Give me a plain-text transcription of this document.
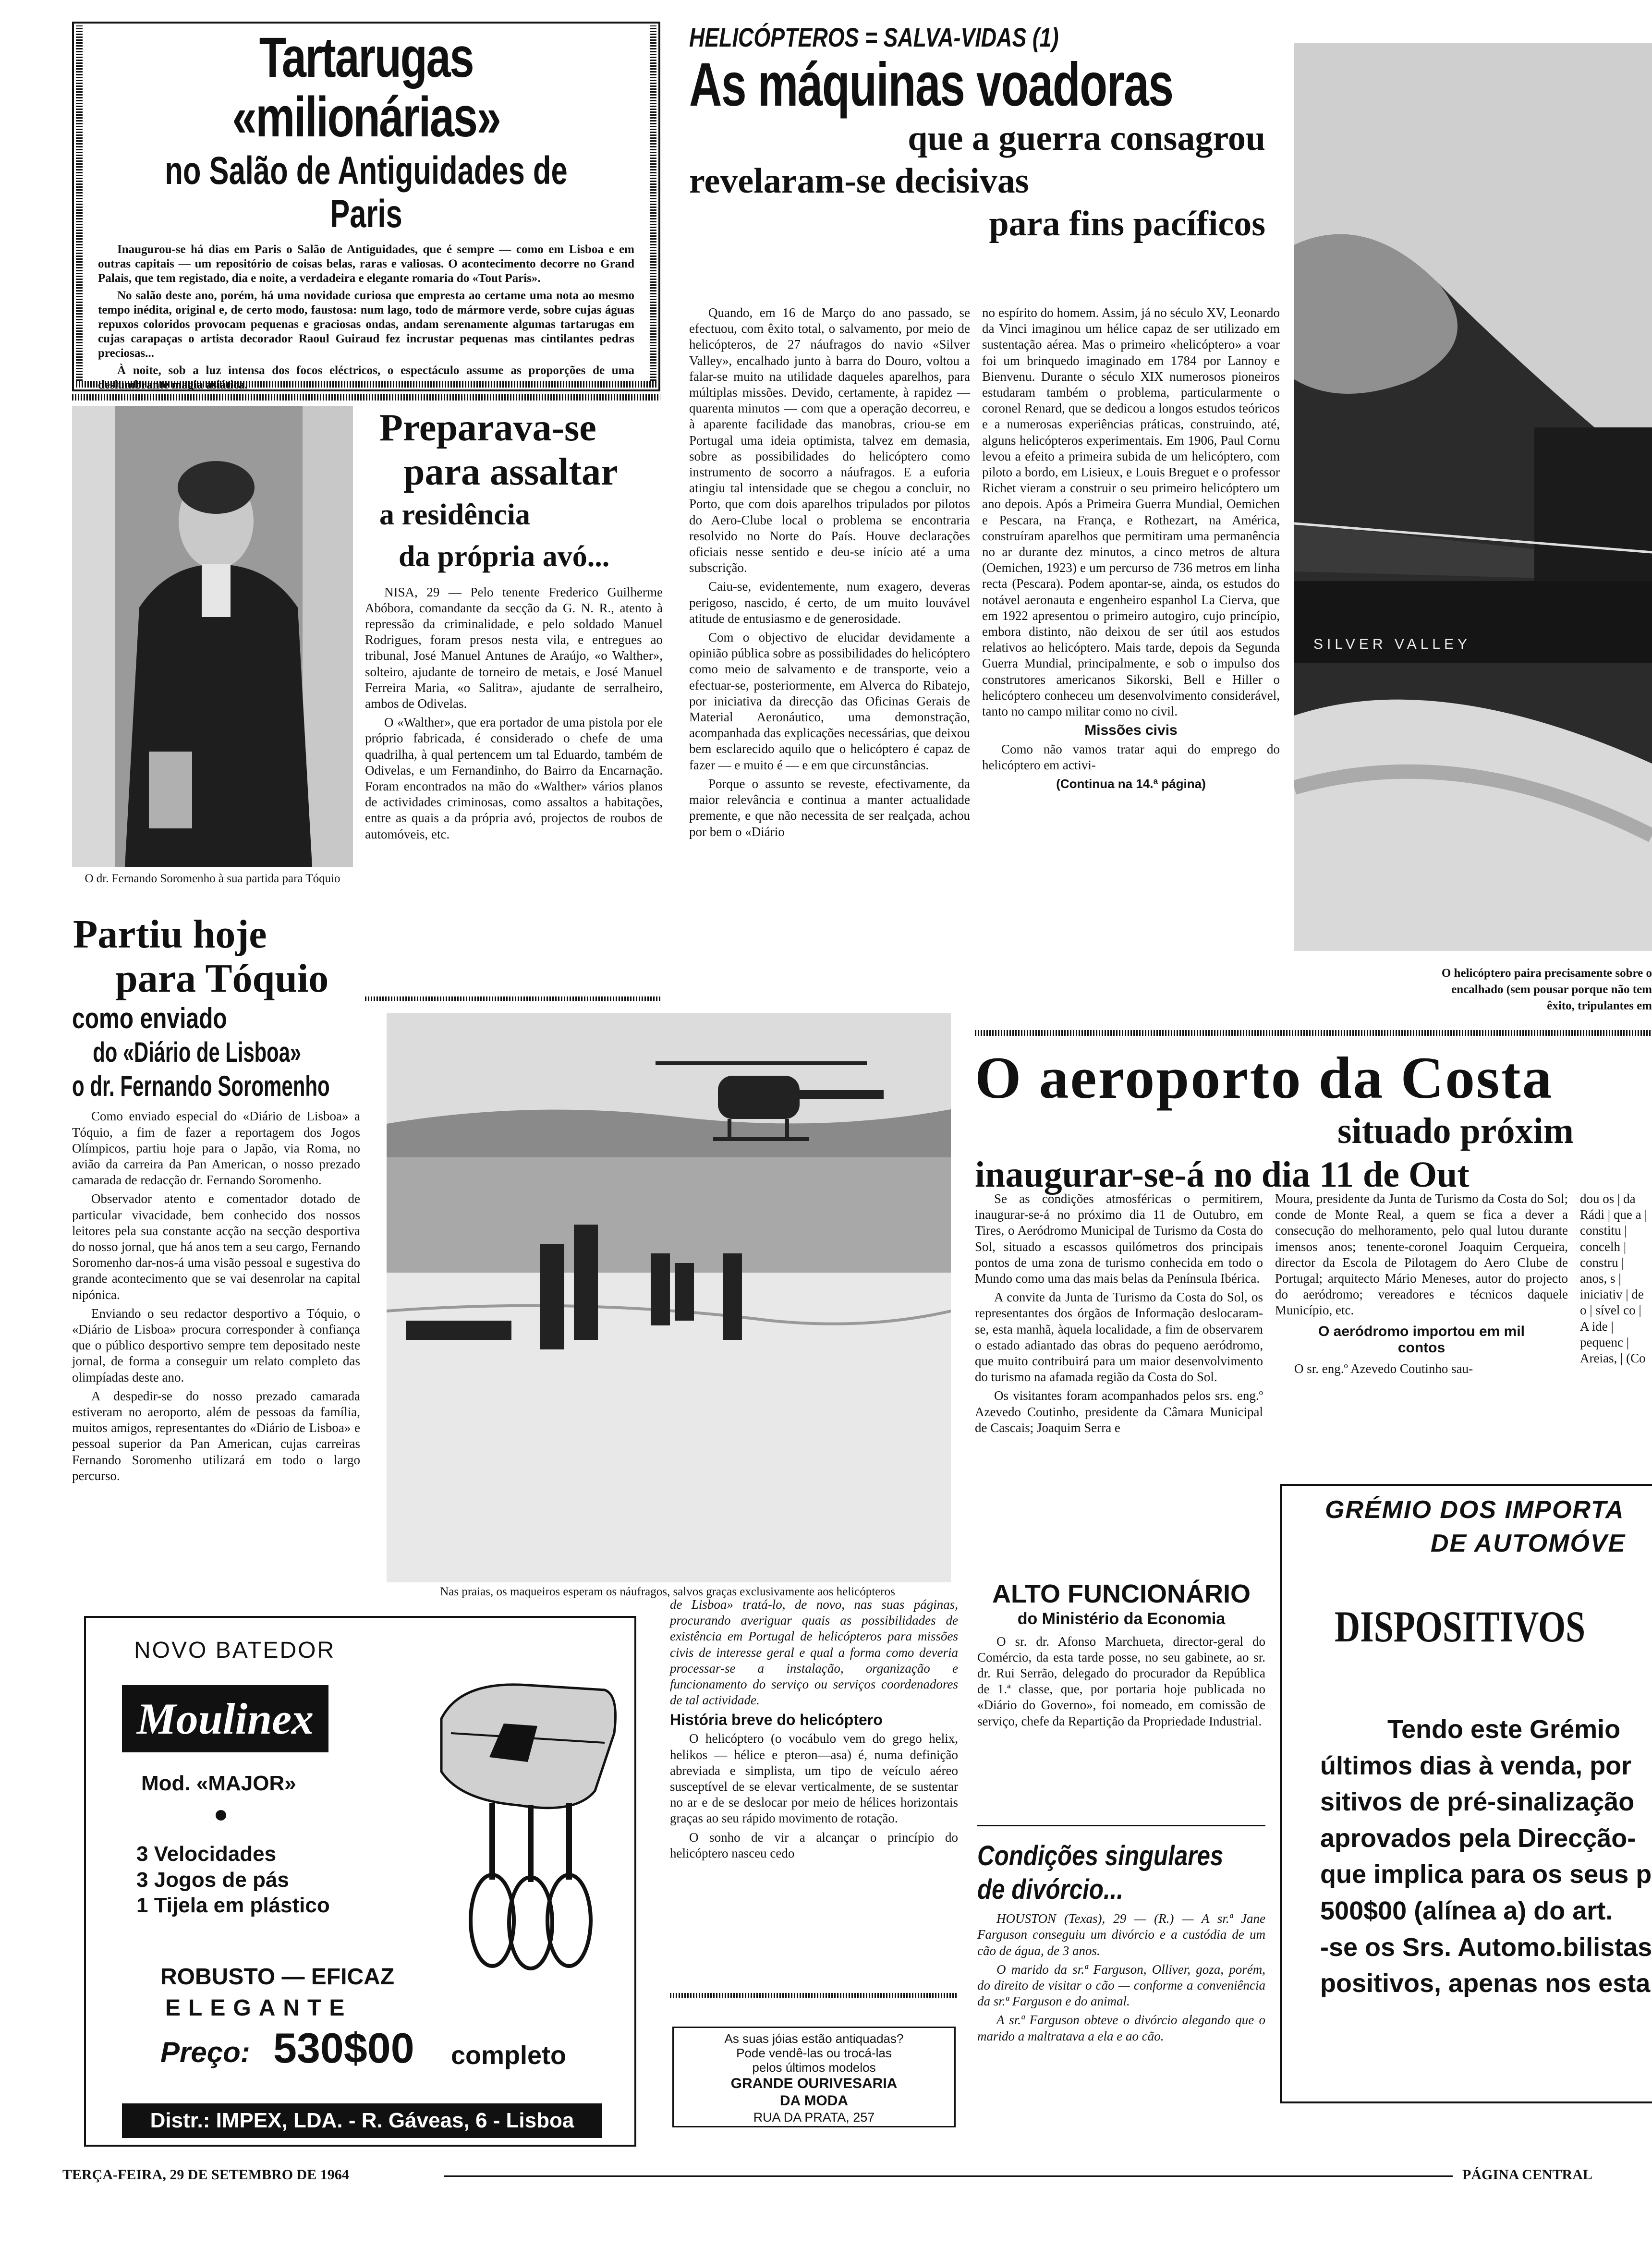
Tartarugas «milionárias»
no Salão de Antiguidades de Paris

Inaugurou-se há dias em Paris o Salão de Antiguidades, que é sempre — como em Lisboa e em outras capitais — um repositório de coisas belas, raras e valiosas. O acontecimento decorre no Grand Palais, que tem registado, dia e noite, a verdadeira e elegante romaria do «Tout Paris».

No salão deste ano, porém, há uma novidade curiosa que empresta ao certame uma nota ao mesmo tempo inédita, original e, de certo modo, faustosa: num lago, todo de mármore verde, sobre cujas águas repuxos coloridos provocam pequenas e graciosas ondas, andam serenamente algumas tartarugas em cujas carapaças o artista decorador Raoul Guiraud fez incrustar pequenas mas cintilantes pedras preciosas...

À noite, sob a luz intensa dos focos eléctricos, o espectáculo assume as proporções de uma deslumbrante magia asiática.

O dr. Fernando Soromenho à sua partida para Tóquio
Preparava-se
para assaltar
a residência
da própria avó...

NISA, 29 — Pelo tenente Frederico Guilherme Abóbora, comandante da secção da G. N. R., atento à repressão da criminalidade, e pelo soldado Manuel Rodrigues, foram presos nesta vila, e entregues ao tribunal, José Manuel Antunes de Araújo, «o Walther», solteiro, ajudante de torneiro de metais, e José Manuel Ferreira Maria, «o Salitra», ajudante de serralheiro, ambos de Odivelas.

O «Walther», que era portador de uma pistola por ele próprio fabricada, é considerado o chefe de uma quadrilha, à qual pertencem um tal Eduardo, também de Odivelas, e um Fernandinho, do Bairro da Encarnação. Foram encontrados na mão do «Walther» vários planos de actividades criminosas, como assaltos a habitações, entre as quais a da própria avó, projectos de roubos de automóveis, etc.

Partiu hoje
para Tóquio
como enviado
do «Diário de Lisboa»
o dr. Fernando Soromenho

Como enviado especial do «Diário de Lisboa» a Tóquio, a fim de fazer a reportagem dos Jogos Olímpicos, partiu hoje para o Japão, via Roma, no avião da carreira da Pan American, o nosso prezado camarada de redacção dr. Fernando Soromenho.

Observador atento e comentador dotado de particular vivacidade, bem conhecido dos nossos leitores pela sua constante acção na secção desportiva do nosso jornal, que há anos tem a seu cargo, Fernando Soromenho dar-nos-á uma visão pessoal e sugestiva do grande acontecimento que se vai desenrolar na capital nipónica.

Enviando o seu redactor desportivo a Tóquio, o «Diário de Lisboa» procura corresponder à confiança que o público desportivo sempre tem depositado neste jornal, de forma a conseguir um relato completo das olimpíadas deste ano.

A despedir-se do nosso prezado camarada estiveram no aeroporto, além de pessoas da família, muitos amigos, representantes do «Diário de Lisboa» e pessoal superior da Pan American, cujas carreiras Fernando Soromenho utilizará em todo o largo percurso.

Nas praias, os maqueiros esperam os náufragos, salvos graças exclusivamente aos helicópteros
HELICÓPTEROS = SALVA-VIDAS (1)
As máquinas voadoras
que a guerra consagrou
revelaram-se decisivas
para fins pacíficos

Quando, em 16 de Março do ano passado, se efectuou, com êxito total, o salvamento, por meio de helicópteros, de 27 náufragos do navio «Silver Valley», encalhado junto à barra do Douro, voltou a falar-se muito na utilidade daqueles aparelhos, para múltiplas missões. Devido, certamente, à rapidez — quarenta minutos — com que a operação decorreu, e à aparente facilidade das manobras, criou-se em Portugal uma ideia optimista, talvez em demasia, sobre as possibilidades do helicóptero como instrumento de socorro a náufragos. E a euforia atingiu tal intensidade que se chegou a concluir, no Porto, que com dois aparelhos tripulados por pilotos do Aero-Clube local o problema se encontraria resolvido no Norte do País. Houve declarações oficiais nesse sentido e deu-se início até a uma subscrição.

Caiu-se, evidentemente, num exagero, deveras perigoso, nascido, é certo, de um muito louvável atitude de entusiasmo e de generosidade.

Com o objectivo de elucidar devidamente a opinião pública sobre as possibilidades do helicóptero como meio de salvamento e de transporte, veio a efectuar-se, posteriormente, em Alverca do Ribatejo, por iniciativa da direcção das Oficinas Gerais de Material Aeronáutico, uma demonstração, acompanhada das explicações necessárias, que deixou bem esclarecido aquilo que o helicóptero é capaz de fazer — e muito é — e em que circunstâncias.

Porque o assunto se reveste, efectivamente, da maior relevância e continua a manter actualidade premente, e que não necessita de ser realçada, achou por bem o «Diário

no espírito do homem. Assim, já no século XV, Leonardo da Vinci imaginou um hélice capaz de ser utilizado em sustentação aérea. Mas o primeiro «helicóptero» a voar foi um brinquedo imaginado em 1784 por Lannoy e Bienvenu. Durante o século XIX numerosos pioneiros estudaram também o problema, particularmente o coronel Renard, que se dedicou a longos estudos teóricos e a numerosas experiências práticas, construindo, até, alguns helicópteros experimentais. Em 1906, Paul Cornu levou a efeito a primeira subida de um helicóptero, com piloto a bordo, em Lisieux, e Louis Breguet e o professor Richet vieram a construir o seu primeiro helicóptero um ano depois. Após a Primeira Guerra Mundial, Oemichen e Pescara, na França, e Rothezart, na América, construíram aparelhos que permitiram uma permanência no ar durante dez minutos, a cinco metros de altura (Oemichen, 1923) e um percurso de 736 metros em linha recta (Pescara). Podem apontar-se, ainda, os estudos do notável aeronauta e engenheiro espanhol La Cierva, que em 1922 apresentou o primeiro autogiro, cujo princípio, embora distinto, não deixou de ser útil aos estudos relativos ao helicóptero. Mais tarde, depois da Segunda Guerra Mundial, principalmente, e sob o impulso dos construtores americanos Sikorski, Bell e Hiller o helicóptero conheceu um desenvolvimento considerável, tanto no campo militar como no civil.

Missões civis

Como não vamos tratar aqui do emprego do helicóptero em activi-

(Continua na 14.ª página)

de Lisboa» tratá-lo, de novo, nas suas páginas, procurando averiguar quais as possibilidades de existência em Portugal de helicópteros para missões civis de interesse geral e qual a forma como deveria processar-se a instalação, organização e funcionamento do serviço ou serviços coordenadores de tal actividade.

História breve do helicóptero

O helicóptero (o vocábulo vem do grego helix, helikos — hélice e pteron—asa) é, numa definição abreviada e simplista, um tipo de veículo aéreo susceptível de se elevar verticalmente, de se sustentar no ar e de se deslocar por meio de hélices horizontais graças ao seu rápido movimento de rotação.

O sonho de vir a alcançar o princípio do helicóptero nasceu cedo

As suas jóias estão antiquadas?
Pode vendê-las ou trocá-las
pelos últimos modelos
GRANDE OURIVESARIA
DA MODA
RUA DA PRATA, 257
SILVER VALLEY
O helicóptero paira precisamente sobre o
encalhado (sem pousar porque não tem
êxito, tripulantes em
O aeroporto da Costa
situado próxim
inaugurar-se-á no dia 11 de Out

Se as condições atmosféricas o permitirem, inaugurar-se-á no próximo dia 11 de Outubro, em Tires, o Aeródromo Municipal de Turismo da Costa do Sol, situado a escassos quilómetros dos principais pontos de uma zona de turismo conhecida em todo o Mundo como uma das mais belas da Península Ibérica.

A convite da Junta de Turismo da Costa do Sol, os representantes dos órgãos de Informação deslocaram-se, esta manhã, àquela localidade, a fim de observarem o estado adiantado das obras do pequeno aeródromo, que muito contribuirá para um maior desenvolvimento do turismo na afamada região da Costa do Sol.

Os visitantes foram acompanhados pelos srs. eng.º Azevedo Coutinho, presidente da Câmara Municipal de Cascais; Joaquim Serra e

Moura, presidente da Junta de Turismo da Costa do Sol; conde de Monte Real, a quem se fica a dever a consecução do melhoramento, pelo qual lutou durante imensos anos; tenente-coronel Joaquim Cerqueira, director da Escola de Pilotagem do Aero Clube de Portugal; arquitecto Mário Meneses, autor do projecto do aeródromo; vereadores e técnicos daquele Município, etc.

O aeródromo importou em mil contos

O sr. eng.º Azevedo Coutinho sau-

dou os | da Rádi | que a | constitu | concelh | constru | anos, s | iniciativ | de o | sível co | A ide | pequenc | Areias, | (Co
ALTO FUNCIONÁRIO
do Ministério da Economia

O sr. dr. Afonso Marchueta, director-geral do Comércio, da esta tarde posse, no seu gabinete, ao sr. dr. Rui Serrão, delegado do procurador da República de 1.ª classe, que, por portaria hoje publicada no «Diário do Governo», foi nomeado, em comissão de serviço, chefe da Repartição da Propriedade Industrial.

Condições singulares
de divórcio...

HOUSTON (Texas), 29 — (R.) — A sr.ª Jane Farguson conseguiu um divórcio e a custódia de um cão de água, de 3 anos.

O marido da sr.ª Farguson, Olliver, goza, porém, do direito de visitar o cão — conforme a conveniência da sr.ª Farguson e do animal.

A sr.ª Farguson obteve o divórcio alegando que o marido a maltratava a ela e ao cão.

GRÉMIO DOS IMPORTA
DE AUTOMÓVE
DISPOSITIVOS
Tendo este Grémio
últimos dias à venda, por
sitivos de pré-sinalização
aprovados pela Direcção-
que implica para os seus p
500$00 (alínea a) do art.
-se os Srs. Automo.bilistas
positivos, apenas nos esta
NOVO BATEDOR
Moulinex
Mod. «MAJOR»
3 Velocidades
3 Jogos de pás
1 Tijela em plástico
ROBUSTO — EFICAZ
ELEGANTE
Preço: 530$00 completo
Distr.: IMPEX, LDA. - R. Gáveas, 6 - Lisboa
TERÇA-FEIRA, 29 DE SETEMBRO DE 1964	PÁGINA CENTRAL
